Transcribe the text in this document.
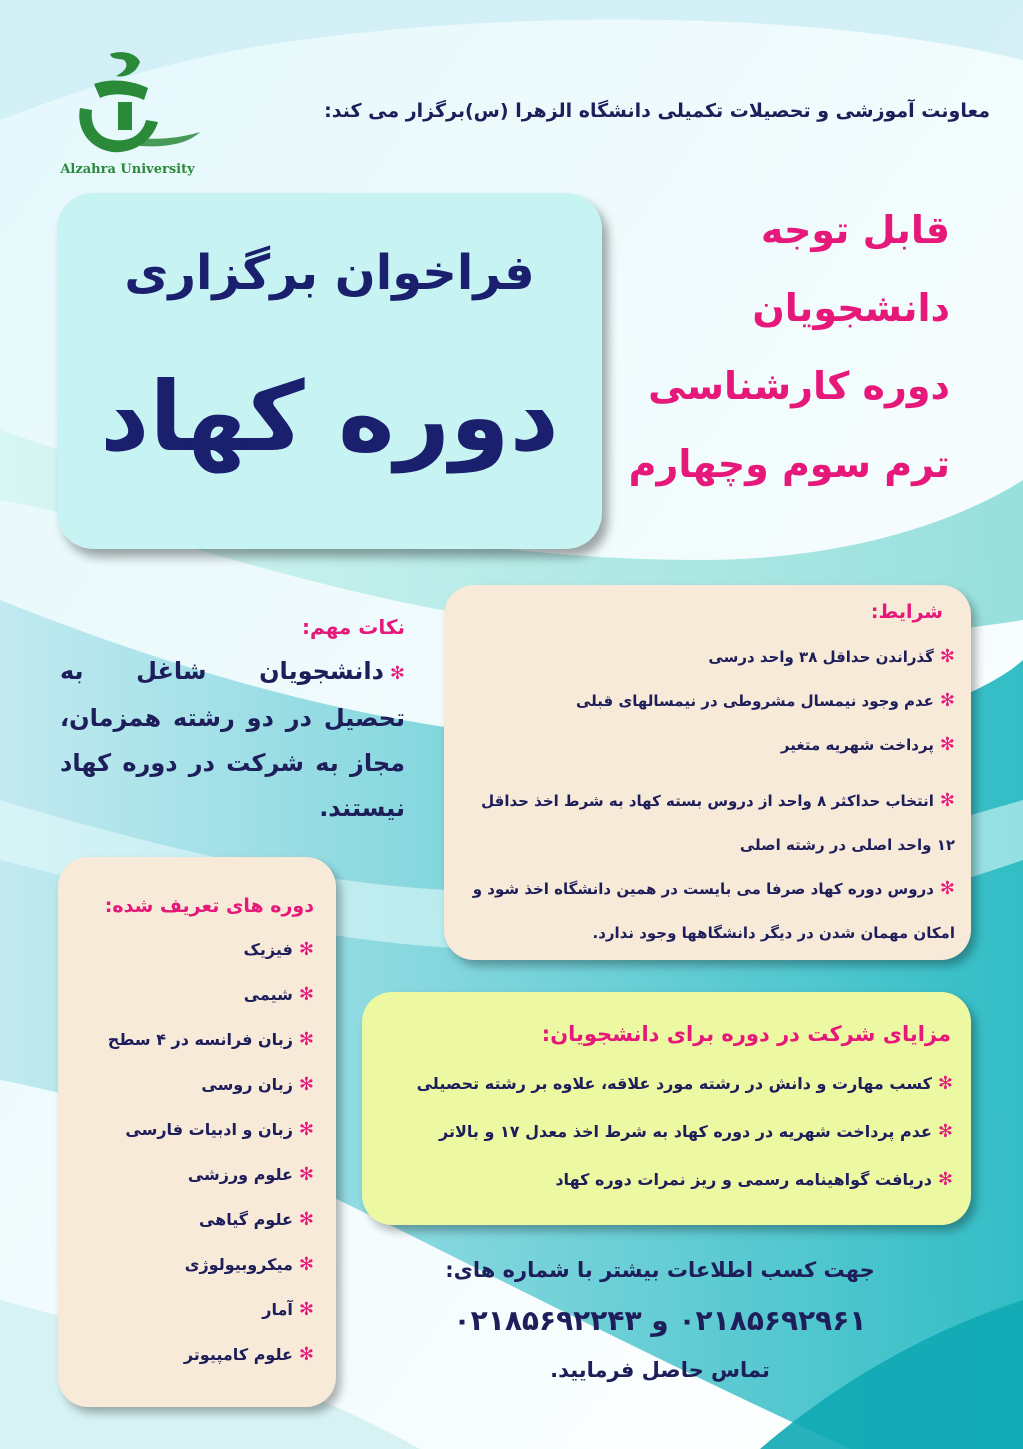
Alzahra University
معاونت آموزشی و تحصیلات تکمیلی دانشگاه الزهرا (س)برگزار می کند:
فراخوان برگزاری
دوره کهاد
قابل توجه
دانشجویان
دوره کارشناسی
ترم سوم وچهارم
نکات مهم:
✻دانشجویان شاغل به تحصیل در دو رشته همزمان، مجاز به شرکت در دوره کهاد نیستند.
شرایط:
✻گذراندن حداقل ۳۸ واحد درسی
✻عدم وجود نیمسال مشروطی در نیمسالهای قبلی
✻پرداخت شهریه متغیر
✻انتخاب حداکثر ۸ واحد از دروس بسته کهاد به شرط اخذ حداقل ۱۲ واحد اصلی در رشته اصلی
✻دروس دوره کهاد صرفا می بایست در همین دانشگاه اخذ شود و امکان مهمان شدن در دیگر دانشگاهها وجود ندارد.
دوره های تعریف شده:
✻فیزیک
✻شیمی
✻زبان فرانسه در ۴ سطح
✻زبان روسی
✻زبان و ادبیات فارسی
✻علوم ورزشی
✻علوم گیاهی
✻میکروبیولوژی
✻آمار
✻علوم کامپیوتر
مزایای شرکت در دوره برای دانشجویان:
✻کسب مهارت و دانش در رشته مورد علاقه، علاوه بر رشته تحصیلی
✻عدم پرداخت شهریه در دوره کهاد به شرط اخذ معدل ۱۷ و بالاتر
✻دریافت گواهینامه رسمی و ریز نمرات دوره کهاد
جهت کسب اطلاعات بیشتر با شماره های:
۰۲۱۸۵۶۹۲۹۶۱ و ۰۲۱۸۵۶۹۲۲۴۳
تماس حاصل فرمایید.
